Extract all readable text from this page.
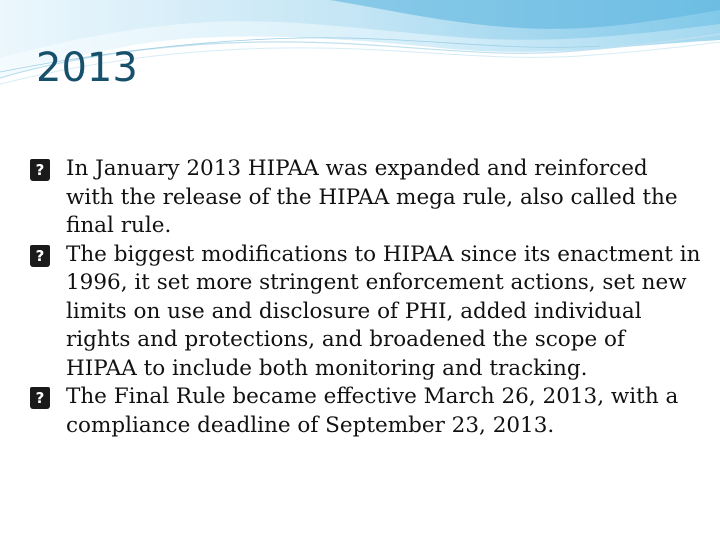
2013
?
In January 2013 HIPAA was expanded and reinforced with the release of the HIPAA mega rule, also called the final rule.
?
The biggest modifications to HIPAA since its enactment in 1996, it set more stringent enforcement actions, set new limits on use and disclosure of PHI, added individual rights and protections, and broadened the scope of HIPAA to include both monitoring and tracking.
?
The Final Rule became effective March 26, 2013, with a compliance deadline of September 23, 2013.
